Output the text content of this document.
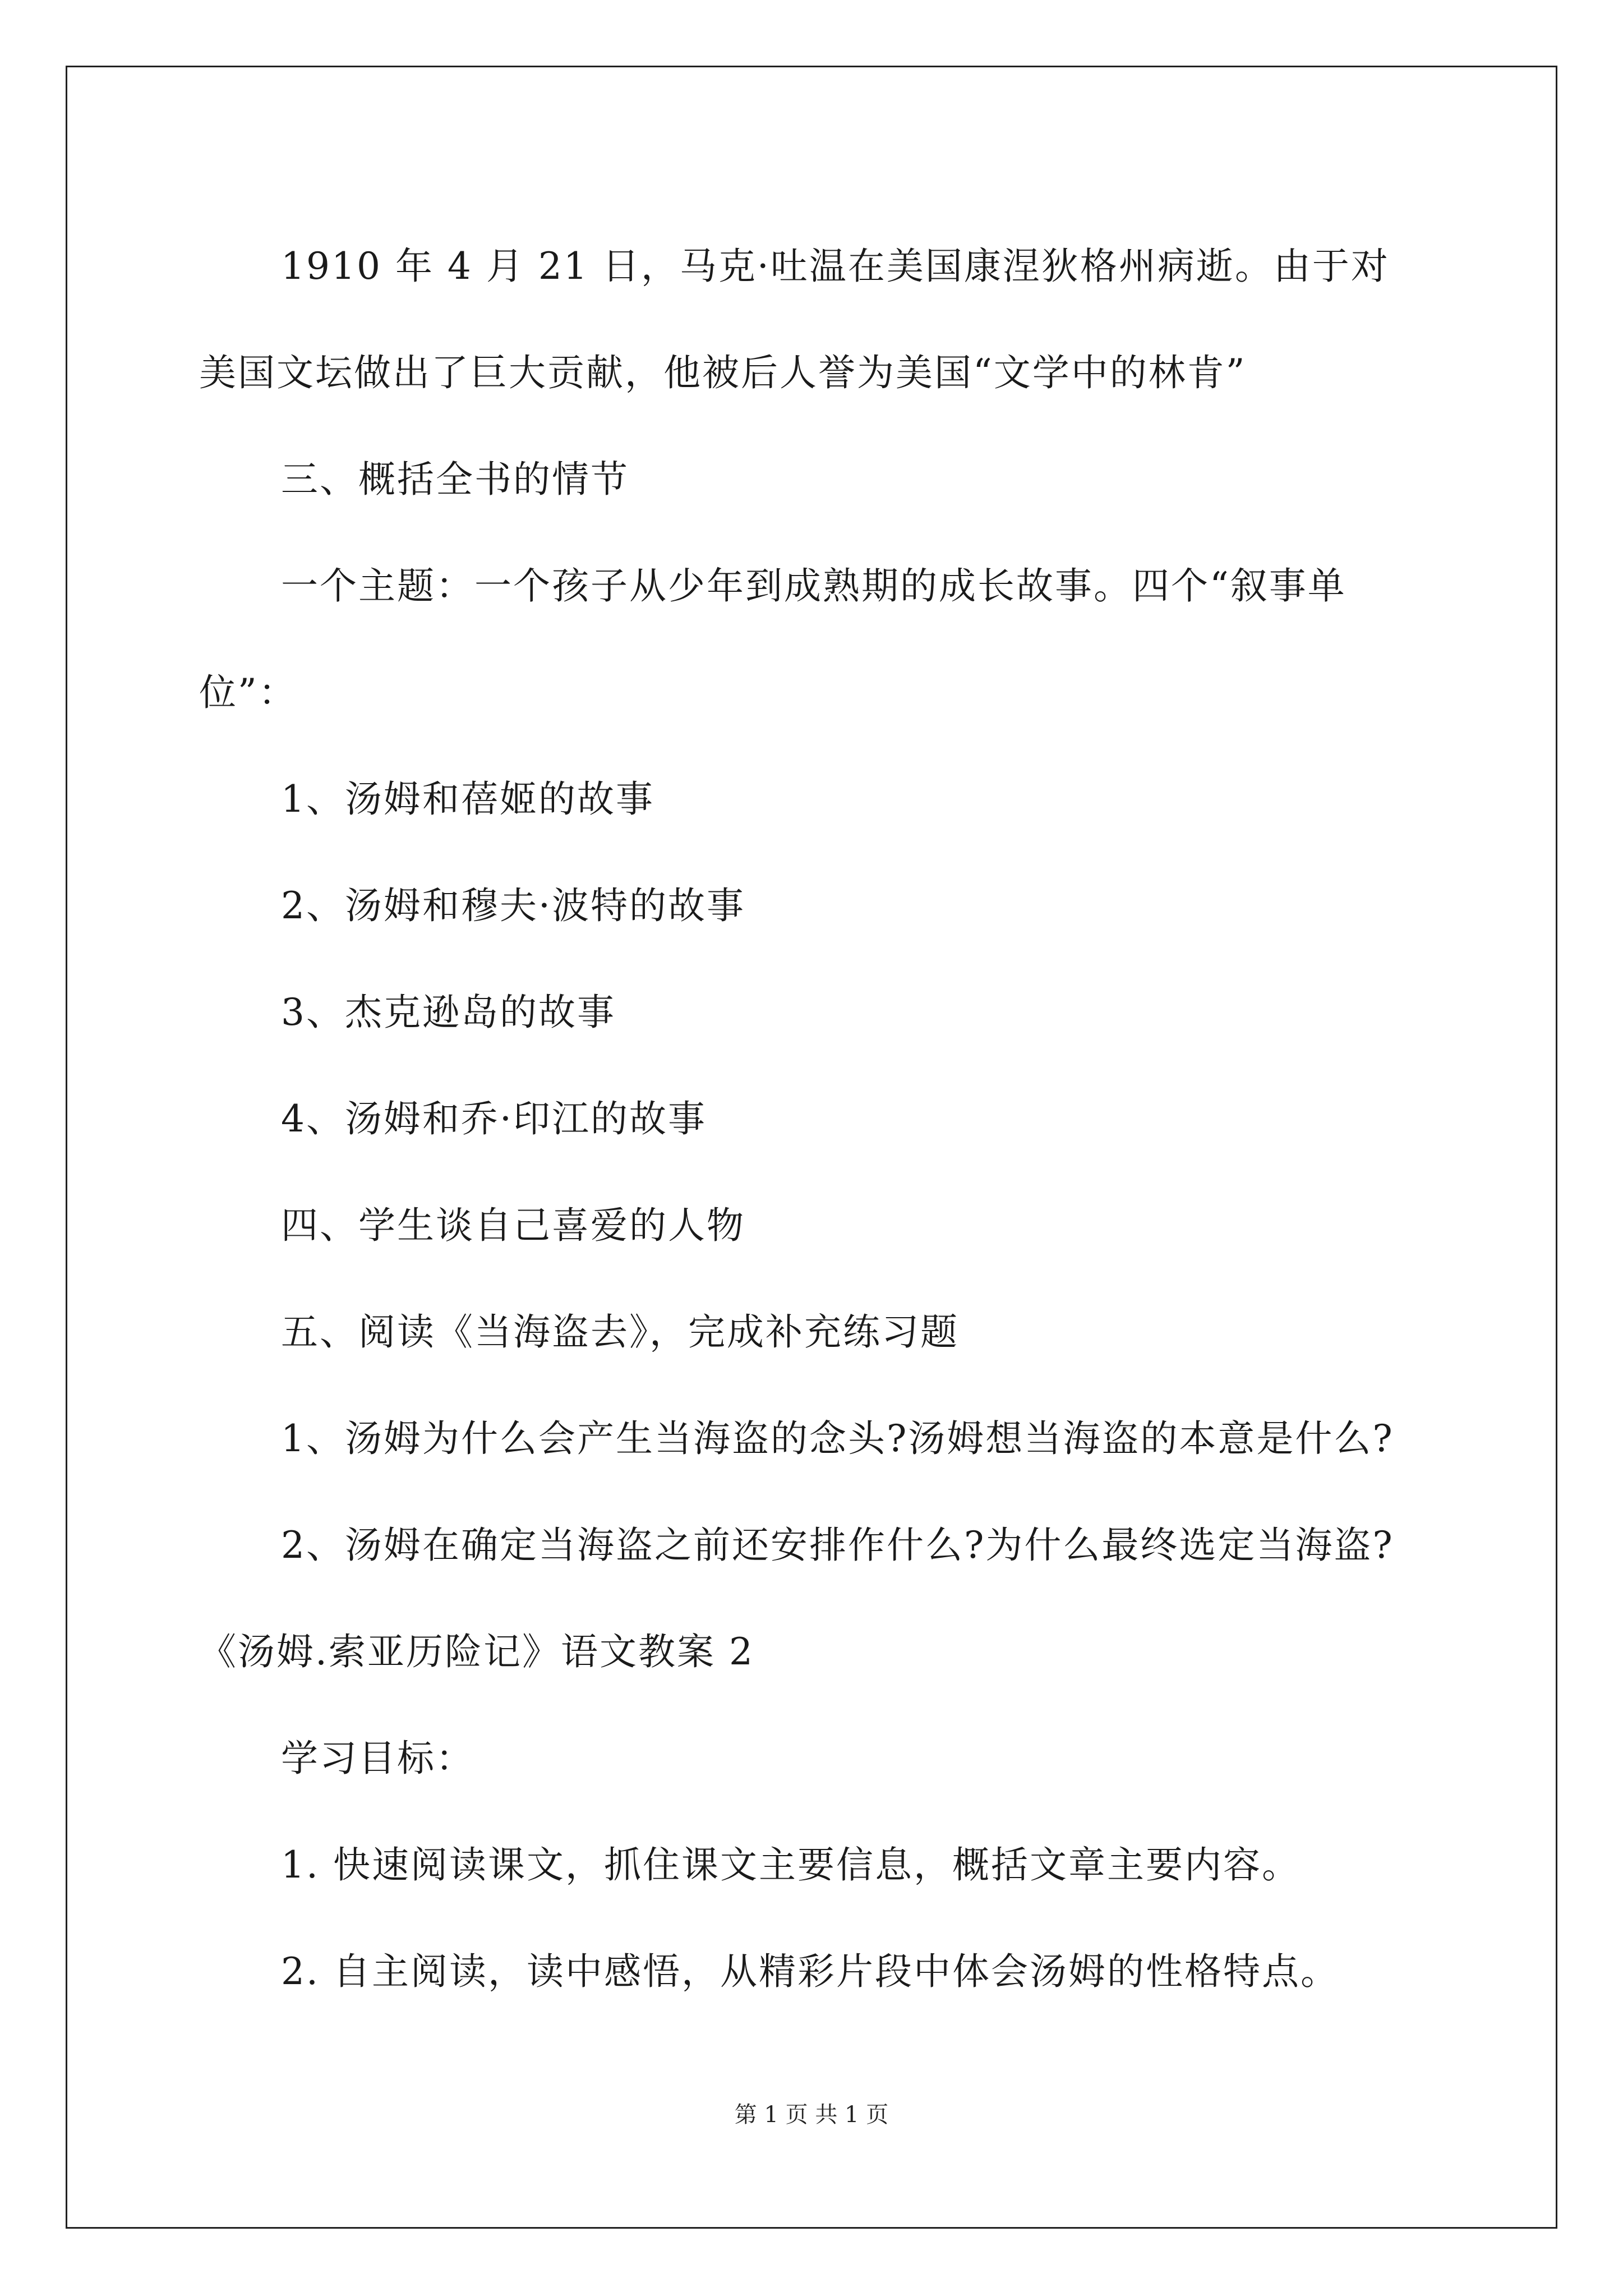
1910 年 4 月 21 日，马克·吐温在美国康涅狄格州病逝。由于对

美国文坛做出了巨大贡献，他被后人誉为美国“文学中的林肯”

三、概括全书的情节

一个主题：一个孩子从少年到成熟期的成长故事。四个“叙事单

位”：

1、汤姆和蓓姬的故事

2、汤姆和穆夫·波特的故事

3、杰克逊岛的故事

4、汤姆和乔·印江的故事

四、学生谈自己喜爱的人物

五、阅读《当海盗去》，完成补充练习题

1、汤姆为什么会产生当海盗的念头?汤姆想当海盗的本意是什么?

2、汤姆在确定当海盗之前还安排作什么?为什么最终选定当海盗?

《汤姆.索亚历险记》语文教案 2

学习目标：

1. 快速阅读课文，抓住课文主要信息，概括文章主要内容。

2. 自主阅读，读中感悟，从精彩片段中体会汤姆的性格特点。

第 1 页 共 1 页
